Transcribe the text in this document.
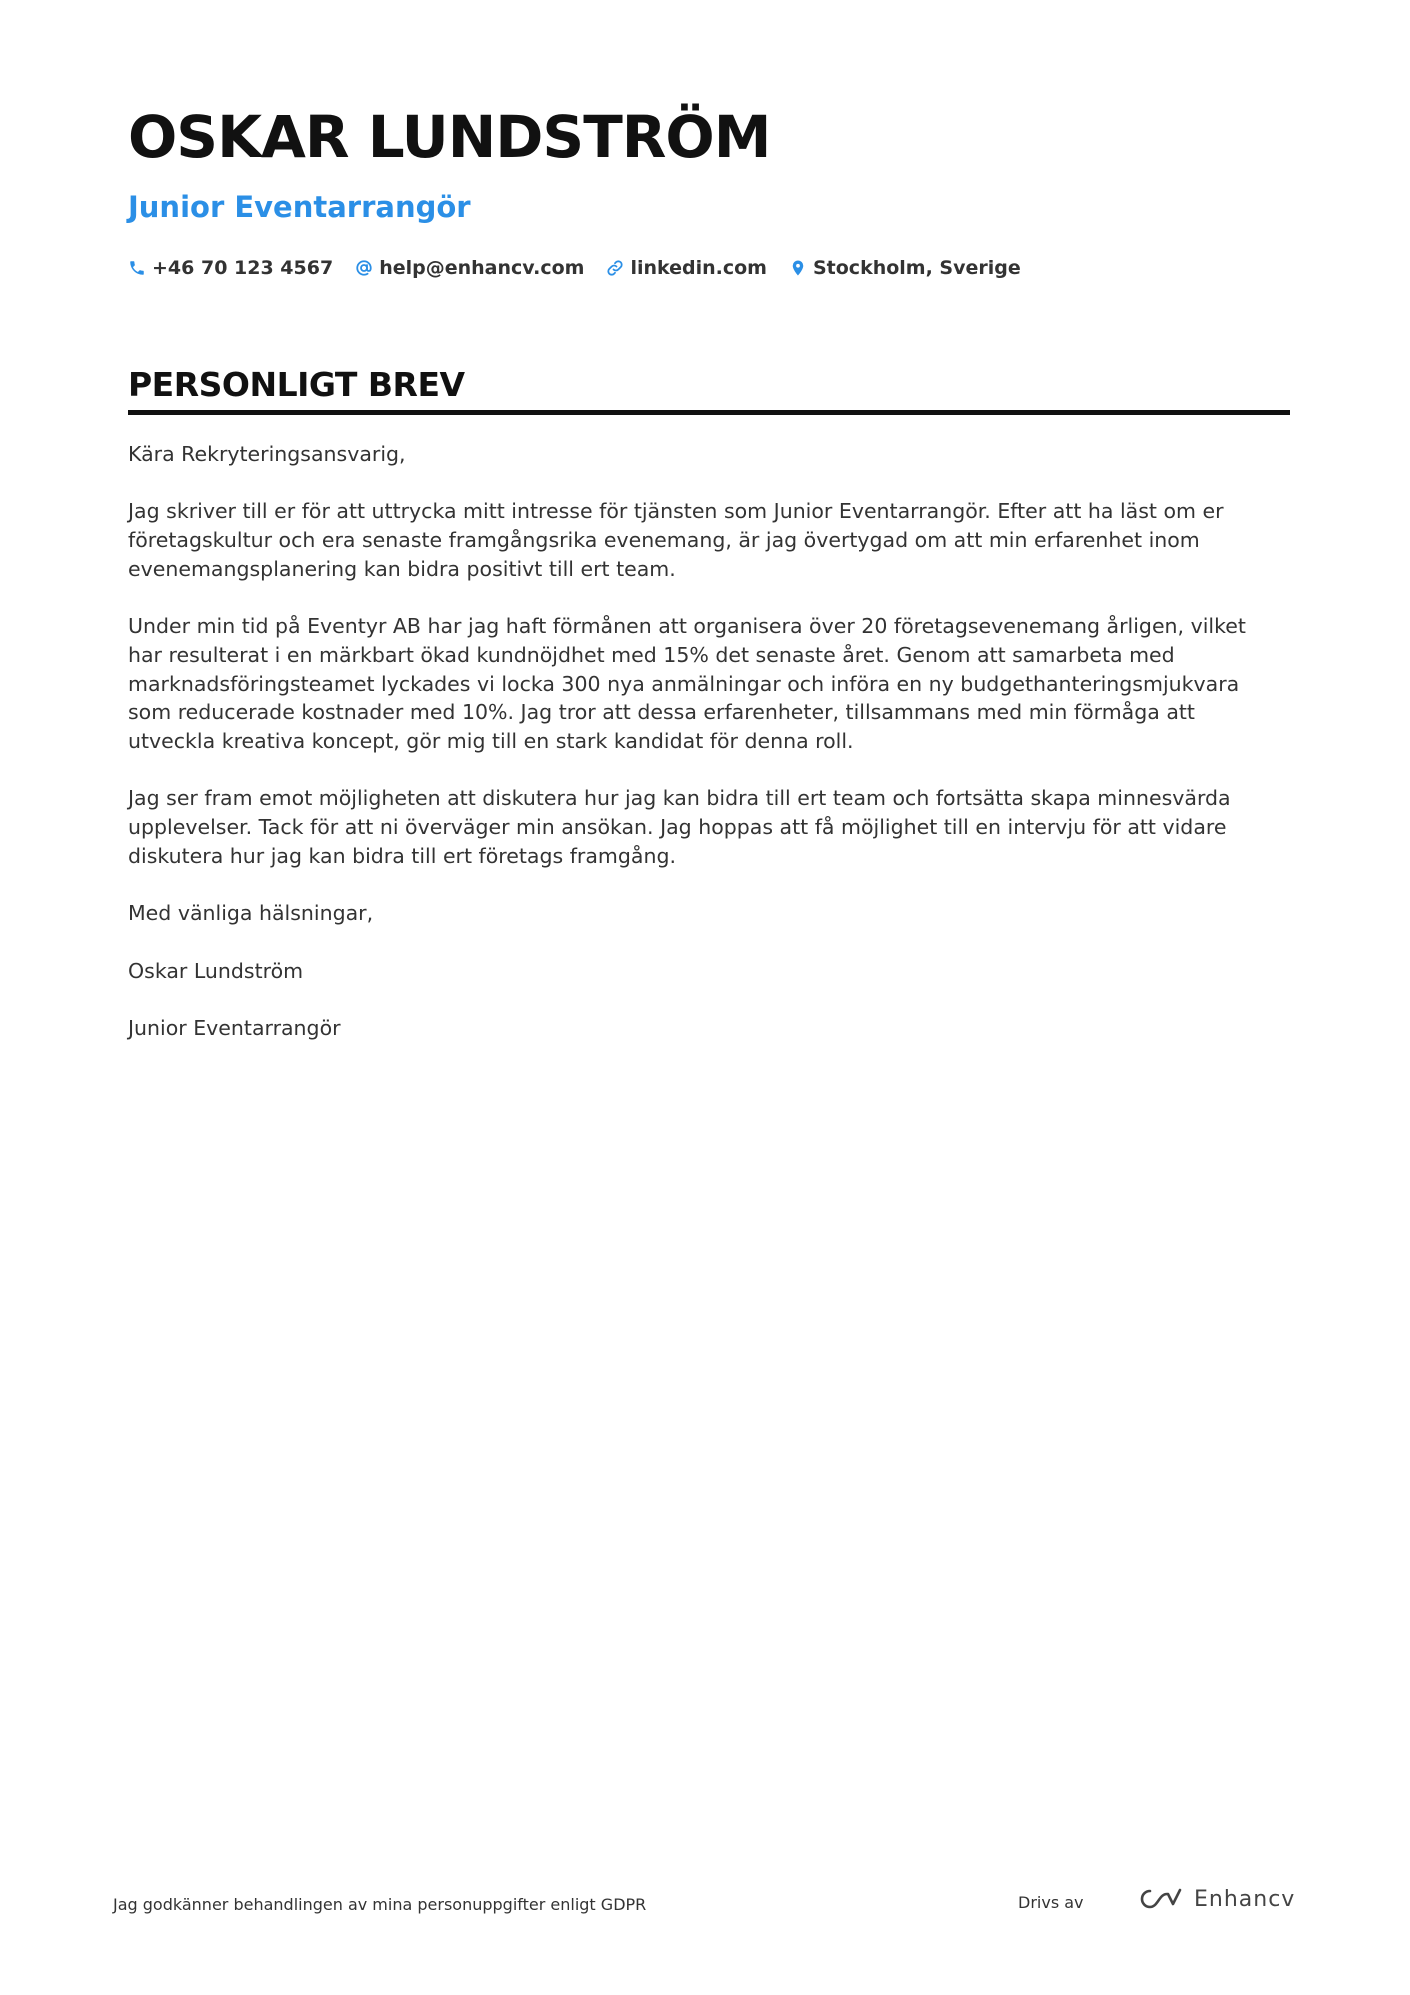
OSKAR LUNDSTRÖM
Junior Eventarrangör
+46 70 123 4567 help@enhancv.com linkedin.com Stockholm, Sverige
PERSONLIGT BREV

Kära Rekryteringsansvarig,

Jag skriver till er för att uttrycka mitt intresse för tjänsten som Junior Eventarrangör. Efter att ha läst om er företagskultur och era senaste framgångsrika evenemang, är jag övertygad om att min erfarenhet inom evenemangsplanering kan bidra positivt till ert team.

Under min tid på Eventyr AB har jag haft förmånen att organisera över 20 företagsevenemang årligen, vilket har resulterat i en märkbart ökad kundnöjdhet med 15% det senaste året. Genom att samarbeta med marknadsföringsteamet lyckades vi locka 300 nya anmälningar och införa en ny budgethanteringsmjukvara som reducerade kostnader med 10%. Jag tror att dessa erfarenheter, tillsammans med min förmåga att utveckla kreativa koncept, gör mig till en stark kandidat för denna roll.

Jag ser fram emot möjligheten att diskutera hur jag kan bidra till ert team och fortsätta skapa minnesvärda upplevelser. Tack för att ni överväger min ansökan. Jag hoppas att få möjlighet till en intervju för att vidare diskutera hur jag kan bidra till ert företags framgång.

Med vänliga hälsningar,

Oskar Lundström

Junior Eventarrangör

Jag godkänner behandlingen av mina personuppgifter enligt GDPR	Drivs av	Enhancv
